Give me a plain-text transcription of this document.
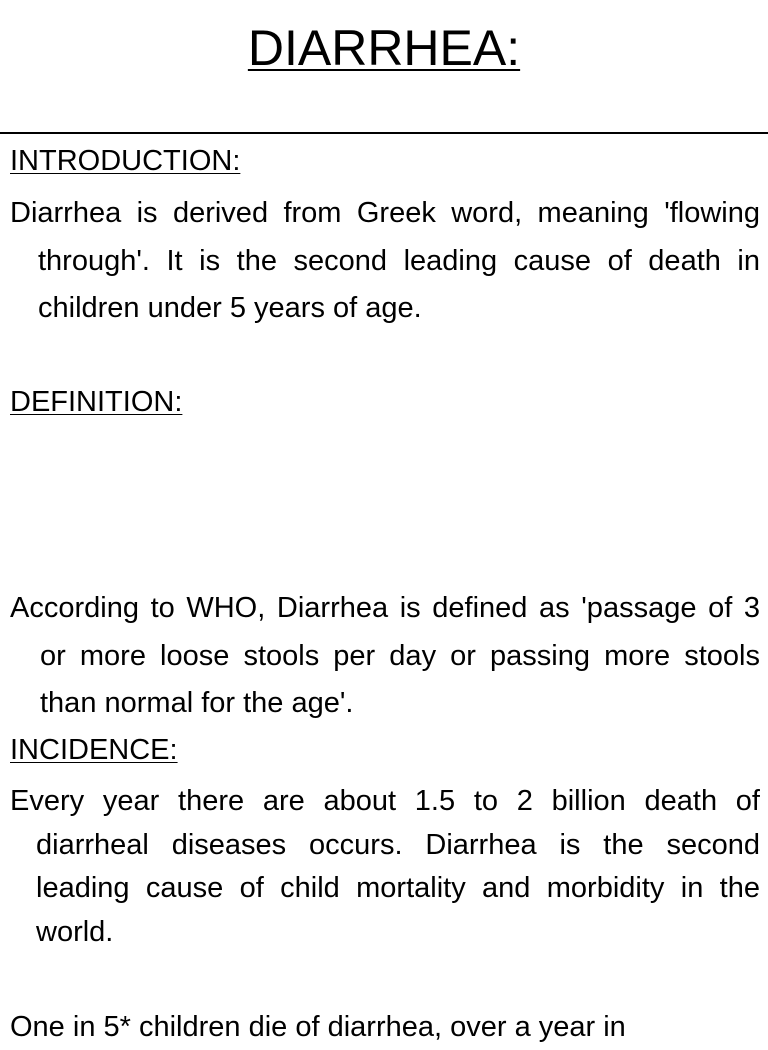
DIARRHEA:
INTRODUCTION:

Diarrhea is derived from Greek word, meaning 'flowing through'. It is the second leading cause of death in children under 5 years of age.

DEFINITION:

According to WHO, Diarrhea is defined as 'passage of 3 or more loose stools per day or passing more stools than normal for the age'.

INCIDENCE:

Every year there are about 1.5 to 2 billion death of diarrheal diseases occurs. Diarrhea is the second leading cause of child mortality and morbidity in the world.

One in 5* children die of diarrhea, over a year in
